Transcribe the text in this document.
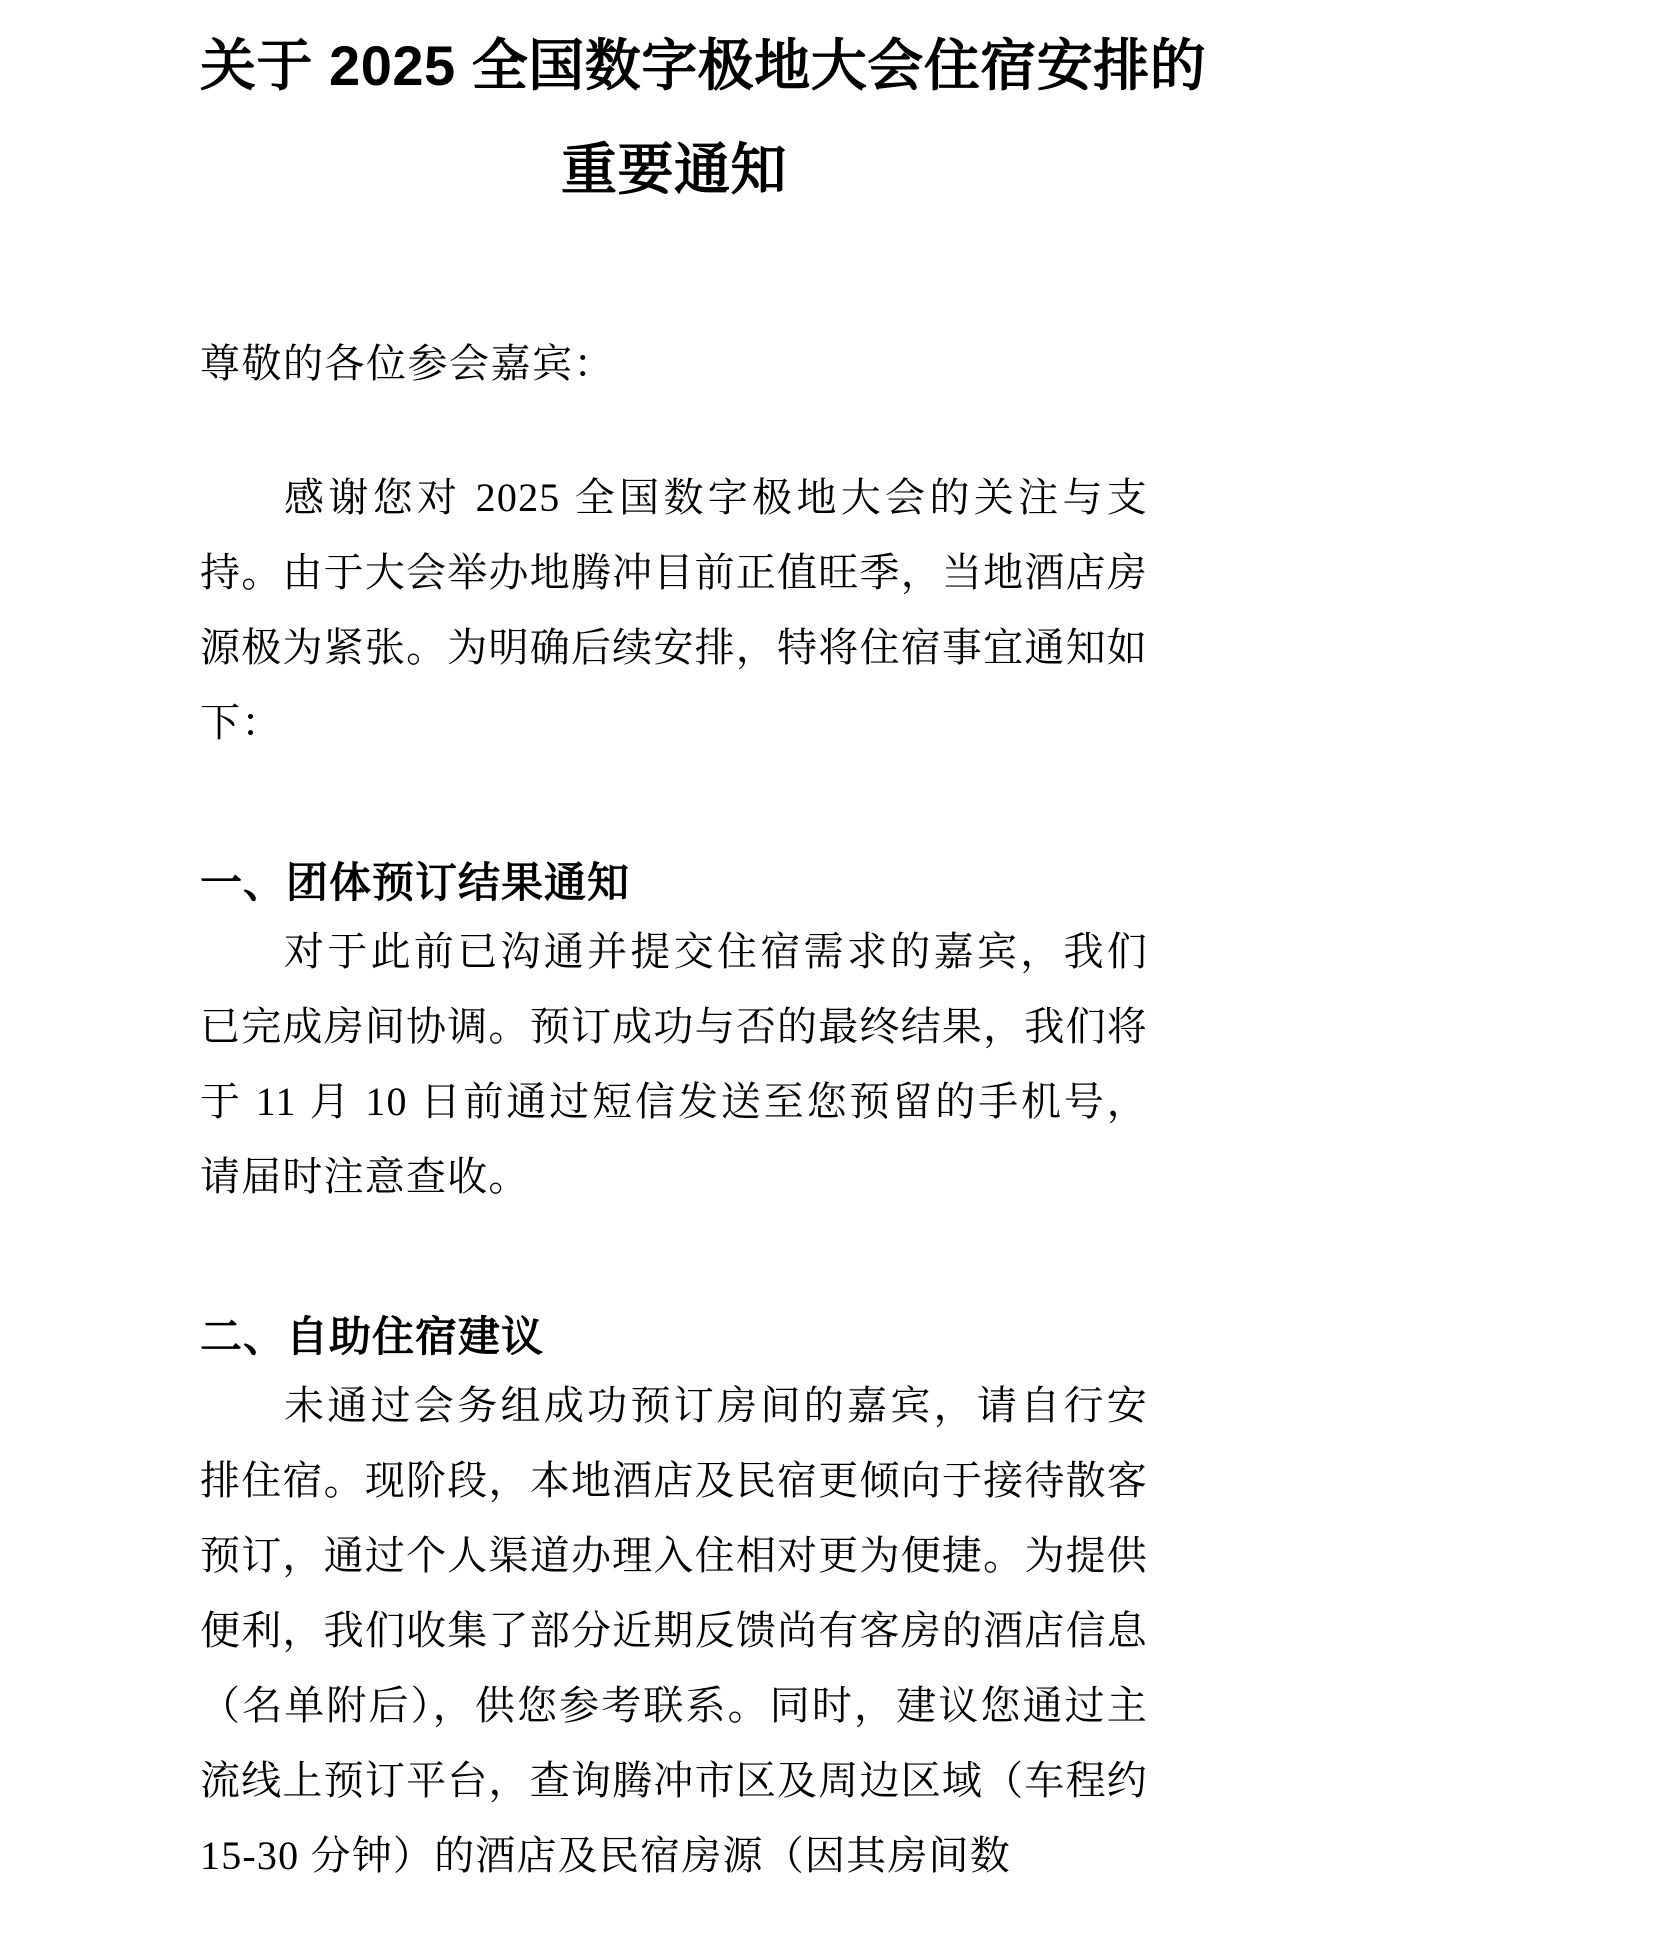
关于 2025 全国数字极地大会住宿安排的
重要通知

尊敬的各位参会嘉宾：

感谢您对 2025 全国数字极地大会的关注与支持。由于大会举办地腾冲目前正值旺季，当地酒店房源极为紧张。为明确后续安排，特将住宿事宜通知如下：

一、团体预订结果通知

对于此前已沟通并提交住宿需求的嘉宾，我们已完成房间协调。预订成功与否的最终结果，我们将于 11 月 10 日前通过短信发送至您预留的手机号，请届时注意查收。

二、自助住宿建议

未通过会务组成功预订房间的嘉宾，请自行安排住宿。现阶段，本地酒店及民宿更倾向于接待散客预订，通过个人渠道办理入住相对更为便捷。为提供便利，我们收集了部分近期反馈尚有客房的酒店信息（名单附后），供您参考联系。同时，建议您通过主流线上预订平台，查询腾冲市区及周边区域（车程约 15-30 分钟）的酒店及民宿房源（因其房间数
